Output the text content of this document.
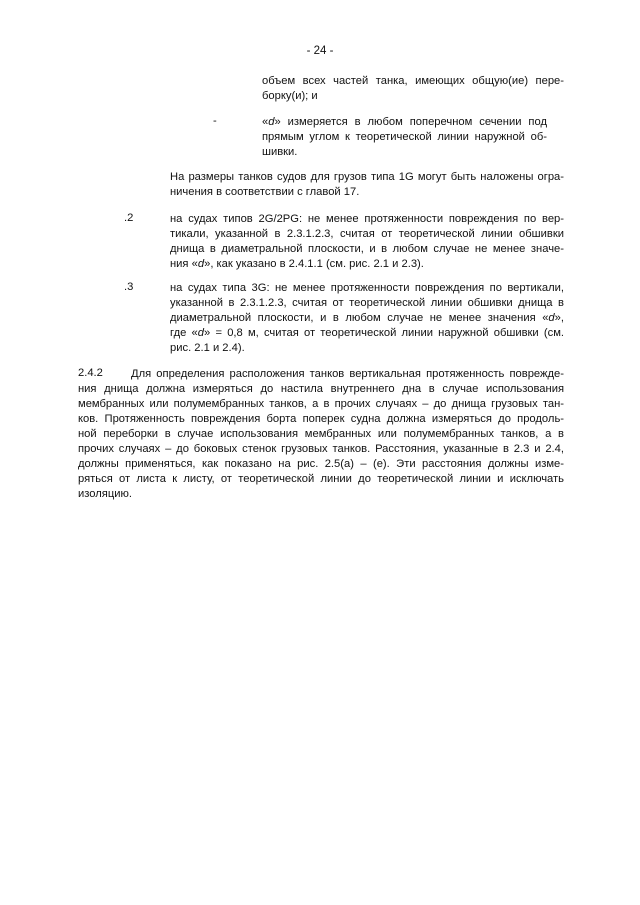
- 24 -
объем всех частей танка, имеющих общую(ие) пере-
борку(и); и
-	«d» измеряется в любом поперечном сечении под
прямым углом к теоретической линии наружной об-
шивки.
На размеры танков судов для грузов типа 1G могут быть наложены огра-
ничения в соответствии с главой 17.
.2	на судах типов 2G/2PG: не менее протяженности повреждения по вер-
тикали, указанной в 2.3.1.2.3, считая от теоретической линии обшивки
днища в диаметральной плоскости, и в любом случае не менее значе-
ния «d», как указано в 2.4.1.1 (см. рис. 2.1 и 2.3).
.3	на судах типа 3G: не менее протяженности повреждения по вертикали,
указанной в 2.3.1.2.3, считая от теоретической линии обшивки днища в
диаметральной плоскости, и в любом случае не менее значения «d»,
где «d» = 0,8 м, считая от теоретической линии наружной обшивки (см.
рис. 2.1 и 2.4).
2.4.2	Для определения расположения танков вертикальная протяженность поврежде-
ния днища должна измеряться до настила внутреннего дна в случае использования
мембранных или полумембранных танков, а в прочих случаях – до днища грузовых тан-
ков. Протяженность повреждения борта поперек судна должна измеряться до продоль-
ной переборки в случае использования мембранных или полумембранных танков, а в
прочих случаях – до боковых стенок грузовых танков. Расстояния, указанные в 2.3 и 2.4,
должны применяться, как показано на рис. 2.5(а) – (е). Эти расстояния должны изме-
ряться от листа к листу, от теоретической линии до теоретической линии и исключать
изоляцию.
